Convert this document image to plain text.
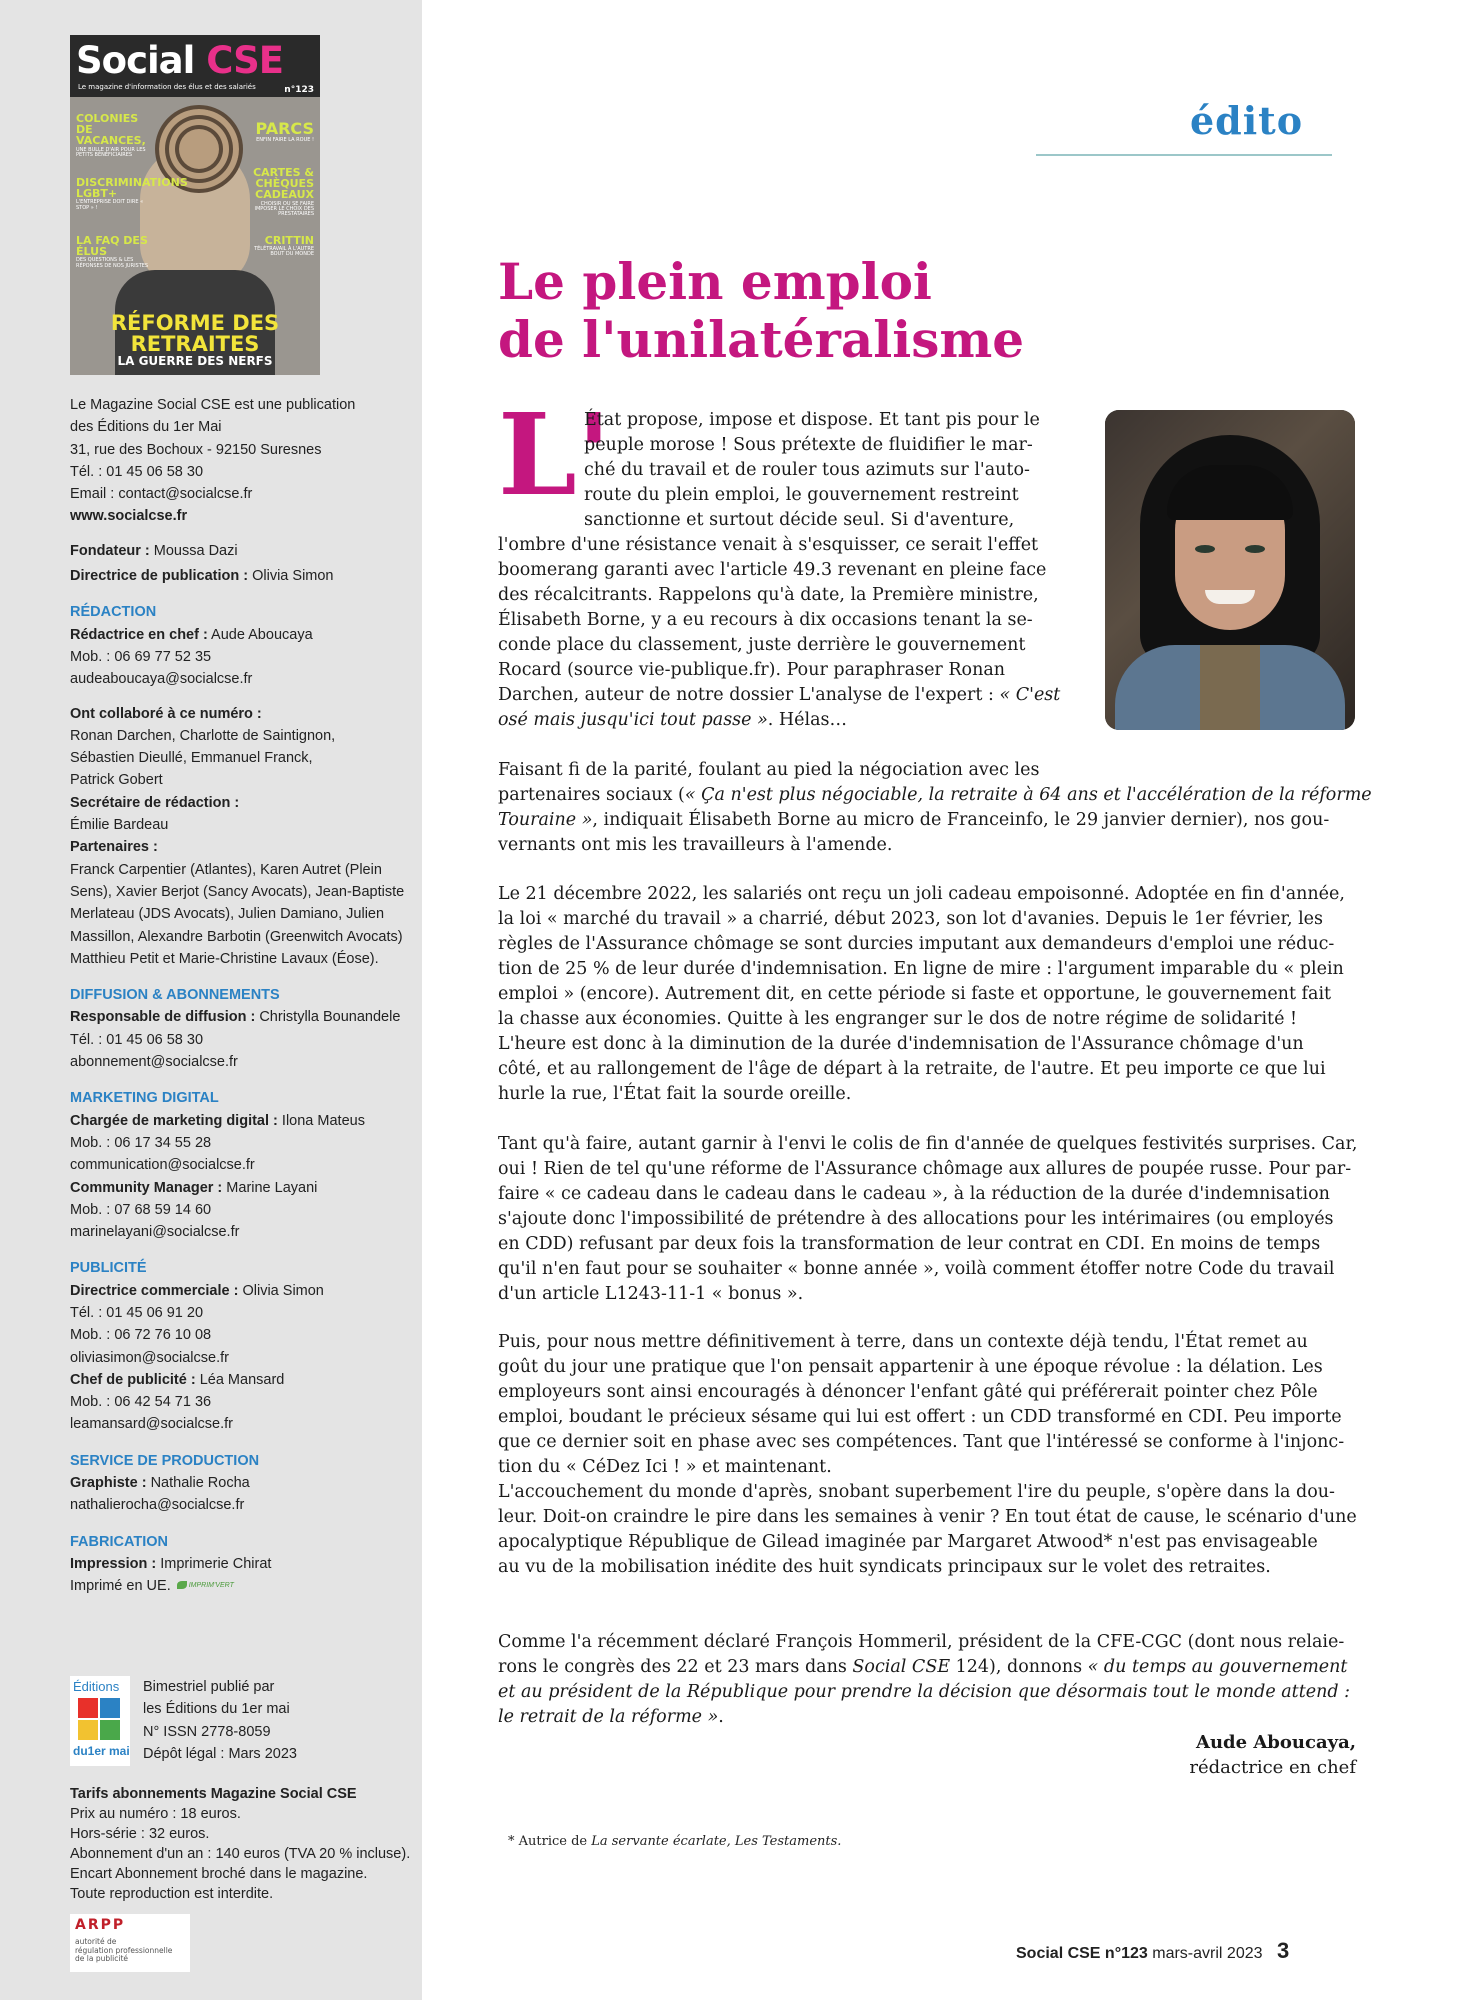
Social CSE
Le magazine d'information des élus et des salariés	n°123
COLONIES DE VACANCES,
UNE BULLE D'AIR POUR LES PETITS BÉNÉFICIAIRES
DISCRIMINATIONS LGBT+
L'ENTREPRISE DOIT DIRE « STOP » !
LA FAQ DES ÉLUS
DES QUESTIONS & LES RÉPONSES DE NOS JURISTES
PARCS
ENFIN FAIRE LA ROUE !
CARTES & CHÈQUES CADEAUX
CHOISIR OU SE FAIRE IMPOSER LE CHOIX DES PRESTATAIRES
CRITTIN
TÉLÉTRAVAIL À L'AUTRE BOUT DU MONDE
RÉFORME DES RETRAITES
LA GUERRE DES NERFS
Le Magazine Social CSE est une publication
des Éditions du 1er Mai
31, rue des Bochoux - 92150 Suresnes
Tél. : 01 45 06 58 30
Email : contact@socialcse.fr
www.socialcse.fr
Fondateur : Moussa Dazi
Directrice de publication : Olivia Simon
RÉDACTION
Rédactrice en chef : Aude Aboucaya
Mob. : 06 69 77 52 35
audeaboucaya@socialcse.fr
Ont collaboré à ce numéro :
Ronan Darchen, Charlotte de Saintignon,
Sébastien Dieullé, Emmanuel Franck,
Patrick Gobert
Secrétaire de rédaction :
Émilie Bardeau
Partenaires :
Franck Carpentier (Atlantes), Karen Autret (Plein
Sens), Xavier Berjot (Sancy Avocats), Jean-Baptiste
Merlateau (JDS Avocats), Julien Damiano, Julien
Massillon, Alexandre Barbotin (Greenwitch Avocats)
Matthieu Petit et Marie-Christine Lavaux (Éose).
DIFFUSION & ABONNEMENTS
Responsable de diffusion : Christylla Bounandele
Tél. : 01 45 06 58 30
abonnement@socialcse.fr
MARKETING DIGITAL
Chargée de marketing digital : Ilona Mateus
Mob. : 06 17 34 55 28
communication@socialcse.fr
Community Manager : Marine Layani
Mob. : 07 68 59 14 60
marinelayani@socialcse.fr
PUBLICITÉ
Directrice commerciale : Olivia Simon
Tél. : 01 45 06 91 20
Mob. : 06 72 76 10 08
oliviasimon@socialcse.fr
Chef de publicité : Léa Mansard
Mob. : 06 42 54 71 36
leamansard@socialcse.fr
SERVICE DE PRODUCTION
Graphiste : Nathalie Rocha
nathalierocha@socialcse.fr
FABRICATION
Impression : Imprimerie Chirat
Imprimé en UE.	IMPRIM'VERT
Éditions
du1er mai
Bimestriel publié par
les Éditions du 1er mai
N° ISSN 2778-8059
Dépôt légal : Mars 2023
Tarifs abonnements Magazine Social CSE
Prix au numéro : 18 euros.
Hors-série : 32 euros.
Abonnement d'un an : 140 euros (TVA 20 % incluse).
Encart Abonnement broché dans le magazine.
Toute reproduction est interdite.
ARPP
autorité de
régulation professionnelle
de la publicité
édito
Le plein emploi
de l'unilatéralisme
L'
État propose, impose et dispose. Et tant pis pour le
peuple morose ! Sous prétexte de fluidifier le mar-
ché du travail et de rouler tous azimuts sur l'auto-
route du plein emploi, le gouvernement restreint
sanctionne et surtout décide seul. Si d'aventure,
l'ombre d'une résistance venait à s'esquisser, ce serait l'effet
boomerang garanti avec l'article 49.3 revenant en pleine face
des récalcitrants. Rappelons qu'à date, la Première ministre,
Élisabeth Borne, y a eu recours à dix occasions tenant la se-
conde place du classement, juste derrière le gouvernement
Rocard (source vie-publique.fr). Pour paraphraser Ronan
Darchen, auteur de notre dossier L'analyse de l'expert : « C'est
osé mais jusqu'ici tout passe ». Hélas…
Faisant fi de la parité, foulant au pied la négociation avec les
partenaires sociaux (« Ça n'est plus négociable, la retraite à 64 ans et l'accélération de la réforme
Touraine », indiquait Élisabeth Borne au micro de Franceinfo, le 29 janvier dernier), nos gou-
vernants ont mis les travailleurs à l'amende.
Le 21 décembre 2022, les salariés ont reçu un joli cadeau empoisonné. Adoptée en fin d'année,
la loi « marché du travail » a charrié, début 2023, son lot d'avanies. Depuis le 1er février, les
règles de l'Assurance chômage se sont durcies imputant aux demandeurs d'emploi une réduc-
tion de 25 % de leur durée d'indemnisation. En ligne de mire : l'argument imparable du « plein
emploi » (encore). Autrement dit, en cette période si faste et opportune, le gouvernement fait
la chasse aux économies. Quitte à les engranger sur le dos de notre régime de solidarité !
L'heure est donc à la diminution de la durée d'indemnisation de l'Assurance chômage d'un
côté, et au rallongement de l'âge de départ à la retraite, de l'autre. Et peu importe ce que lui
hurle la rue, l'État fait la sourde oreille.
Tant qu'à faire, autant garnir à l'envi le colis de fin d'année de quelques festivités surprises. Car,
oui ! Rien de tel qu'une réforme de l'Assurance chômage aux allures de poupée russe. Pour par-
faire « ce cadeau dans le cadeau dans le cadeau », à la réduction de la durée d'indemnisation
s'ajoute donc l'impossibilité de prétendre à des allocations pour les intérimaires (ou employés
en CDD) refusant par deux fois la transformation de leur contrat en CDI. En moins de temps
qu'il n'en faut pour se souhaiter « bonne année », voilà comment étoffer notre Code du travail
d'un article L1243-11-1 « bonus ».
Puis, pour nous mettre définitivement à terre, dans un contexte déjà tendu, l'État remet au
goût du jour une pratique que l'on pensait appartenir à une époque révolue : la délation. Les
employeurs sont ainsi encouragés à dénoncer l'enfant gâté qui préférerait pointer chez Pôle
emploi, boudant le précieux sésame qui lui est offert : un CDD transformé en CDI. Peu importe
que ce dernier soit en phase avec ses compétences. Tant que l'intéressé se conforme à l'injonc-
tion du « CéDez Ici ! » et maintenant.
L'accouchement du monde d'après, snobant superbement l'ire du peuple, s'opère dans la dou-
leur. Doit-on craindre le pire dans les semaines à venir ? En tout état de cause, le scénario d'une
apocalyptique République de Gilead imaginée par Margaret Atwood* n'est pas envisageable
au vu de la mobilisation inédite des huit syndicats principaux sur le volet des retraites.
Comme l'a récemment déclaré François Hommeril, président de la CFE-CGC (dont nous relaie-
rons le congrès des 22 et 23 mars dans Social CSE 124), donnons « du temps au gouvernement
et au président de la République pour prendre la décision que désormais tout le monde attend :
le retrait de la réforme ».
Aude Aboucaya,
rédactrice en chef
* Autrice de La servante écarlate, Les Testaments.
Social CSE n°123 mars-avril 2023 3
